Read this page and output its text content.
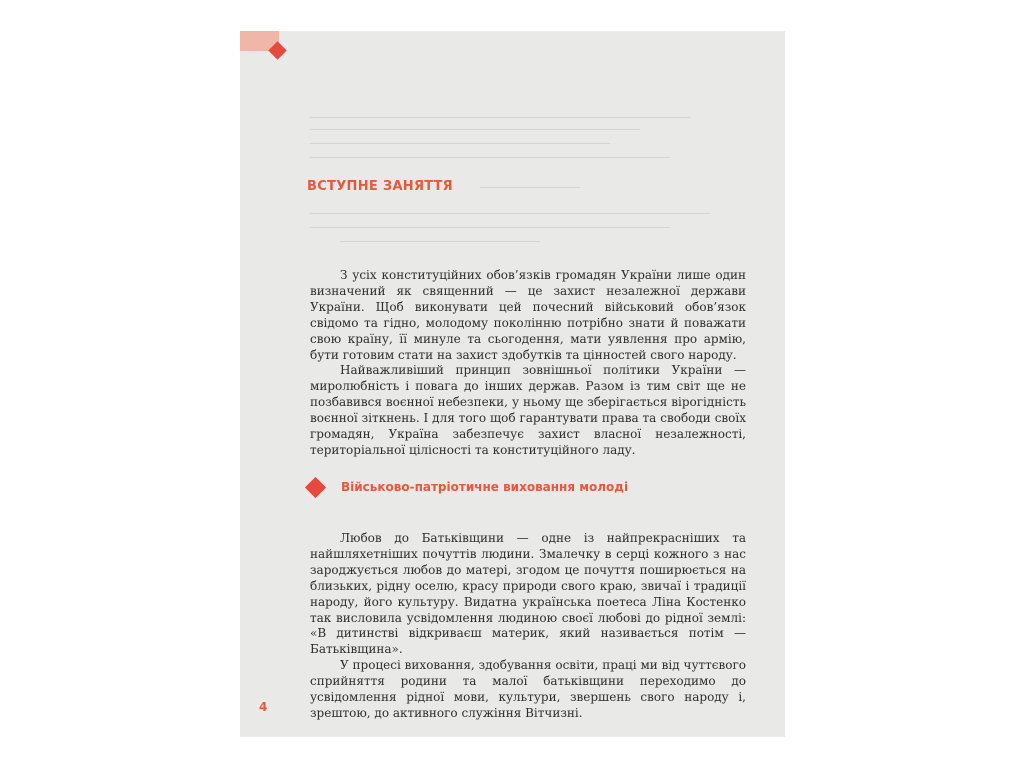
ВСТУПНЕ ЗАНЯТТЯ

З усіх конституційних обов’язків громадян України лише один визначений як священний — це захист незалежної держави України. Щоб виконувати цей почесний військовий обов’язок свідомо та гідно, молодому поколінню потрібно знати й поважати свою країну, її минуле та сьогодення, мати уявлення про армію, бути готовим стати на захист здобутків та цінностей свого народу.

Найважливіший принцип зовнішньої політики України — миролюбність і повага до інших держав. Разом із тим світ ще не позбавився воєнної небезпеки, у ньому ще зберігається вірогідність воєнної зіткнень. І для того щоб гарантувати права та свободи своїх громадян, Україна забезпечує захист власної незалежності, територіальної цілісності та конституційного ладу.

Військово-патріотичне виховання молоді

Любов до Батьківщини — одне із найпрекрасніших та найшляхетніших почуттів людини. Змалечку в серці кожного з нас зароджується любов до матері, згодом це почуття поширюється на близьких, рідну оселю, красу природи свого краю, звичаї і традиції народу, його культуру. Видатна українська поетеса Ліна Костенко так висловила усвідомлення людиною своєї любові до рідної землі: «В дитинстві відкриваєш материк, який називається потім — Батьківщина».

У процесі виховання, здобування освіти, праці ми від чуттєвого сприйняття родини та малої батьківщини переходимо до усвідомлення рідної мови, культури, звершень свого народу і, зрештою, до активного служіння Вітчизні.

4
